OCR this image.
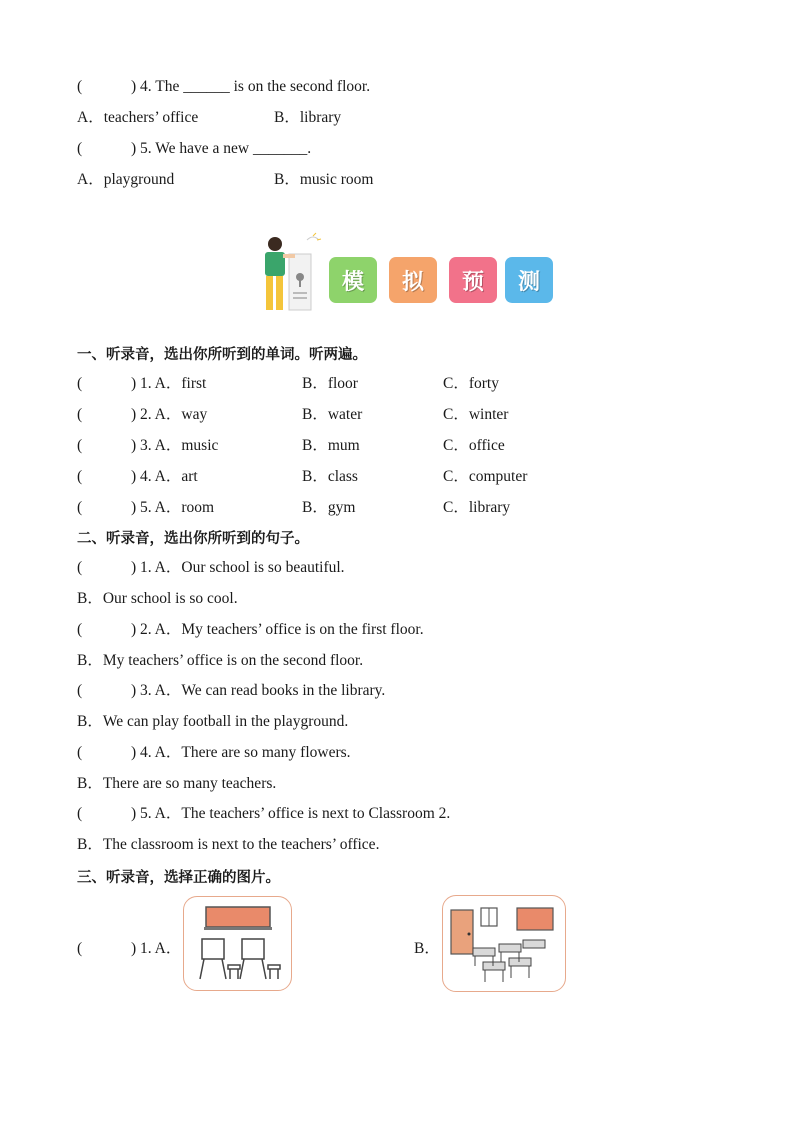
(	) 4. The ______ is on the second floor.
A．teachers’ office	B．library
(	) 5. We have a new _______.
A．playground	B．music room
模 拟 预 测
一、听录音，选出你所听到的单词。听两遍。
(	) 1. A．first	B．floor	C．forty
(	) 2. A．way	B．water	C．winter
(	) 3. A．music	B．mum	C．office
(	) 4. A．art	B．class	C．computer
(	) 5. A．room	B．gym	C．library
二、听录音，选出你所听到的句子。
(	) 1. A．Our school is so beautiful.
B．Our school is so cool.
(	) 2. A．My teachers’ office is on the first floor.
B．My teachers’ office is on the second floor.
(	) 3. A．We can read books in the library.
B．We can play football in the playground.
(	) 4. A．There are so many flowers.
B．There are so many teachers.
(	) 5. A．The teachers’ office is next to Classroom 2.
B．The classroom is next to the teachers’ office.
三、听录音，选择正确的图片。
(	) 1. A．	B．
